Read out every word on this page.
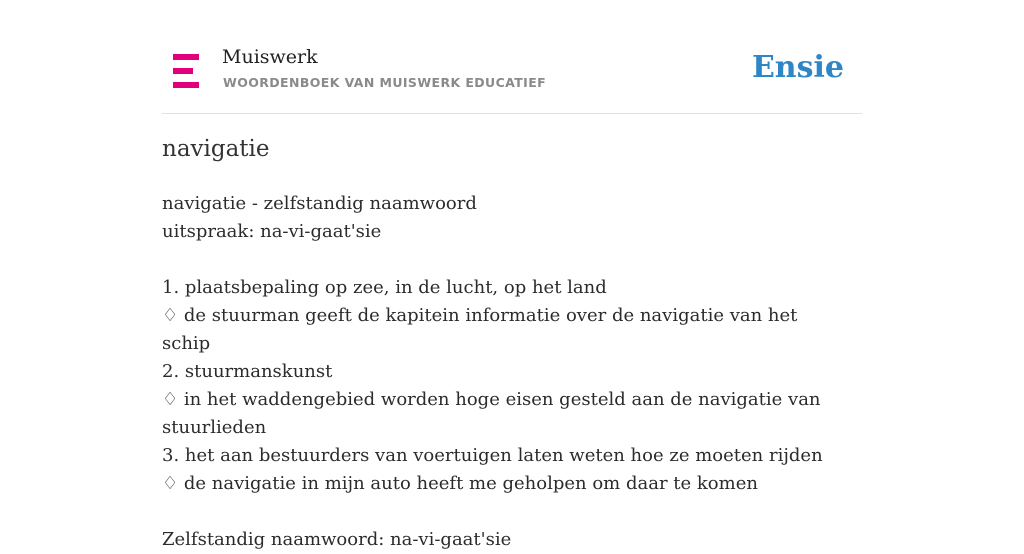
Muiswerk
WOORDENBOEK VAN MUISWERK EDUCATIEF	Ensie
navigatie
navigatie - zelfstandig naamwoord
uitspraak: na-vi-gaat'sie
1. plaatsbepaling op zee, in de lucht, op het land
♢ de stuurman geeft de kapitein informatie over de navigatie van het schip
2. stuurmanskunst
♢ in het waddengebied worden hoge eisen gesteld aan de navigatie van stuurlieden
3. het aan bestuurders van voertuigen laten weten hoe ze moeten rijden
♢ de navigatie in mijn auto heeft me geholpen om daar te komen
Zelfstandig naamwoord: na-vi-gaat'sie
